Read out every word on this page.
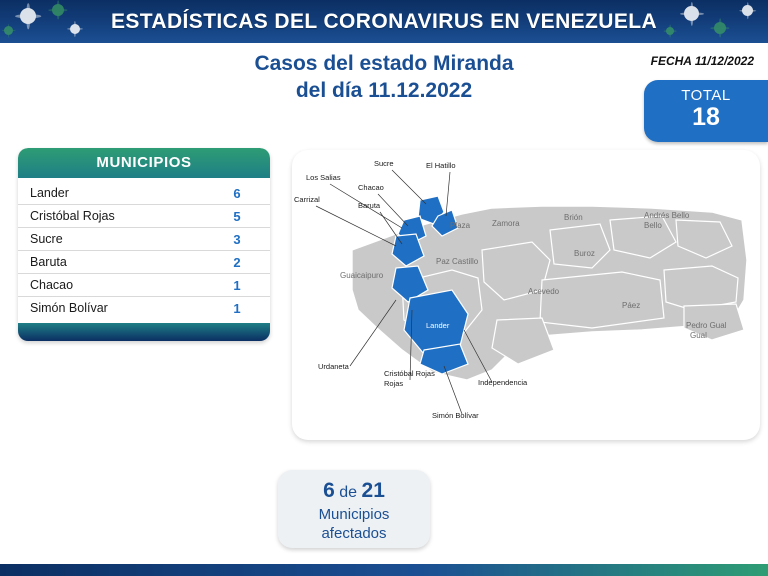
ESTADÍSTICAS DEL CORONAVIRUS EN VENEZUELA
Casos del estado Miranda
del día 11.12.2022
FECHA 11/12/2022
TOTAL
18
MUNICIPIOS
Lander	6
Cristóbal Rojas	5
Sucre	3
Baruta	2
Chacao	1
Simón Bolívar	1
Sucre	El Hatillo
Los Salias
Chacao
Carrizal
Baruta
Urdaneta
Cristóbal Rojas
Rojas	Independencia
Simón Bolívar
Plaza	Zamora
Brión	Andrés Bello
Bello
Paz Castillo
Buroz
Guaicaipuro
Acevedo
Páez
Pedro Gual
Gual
Lander
6 de 21
Municipios
afectados
